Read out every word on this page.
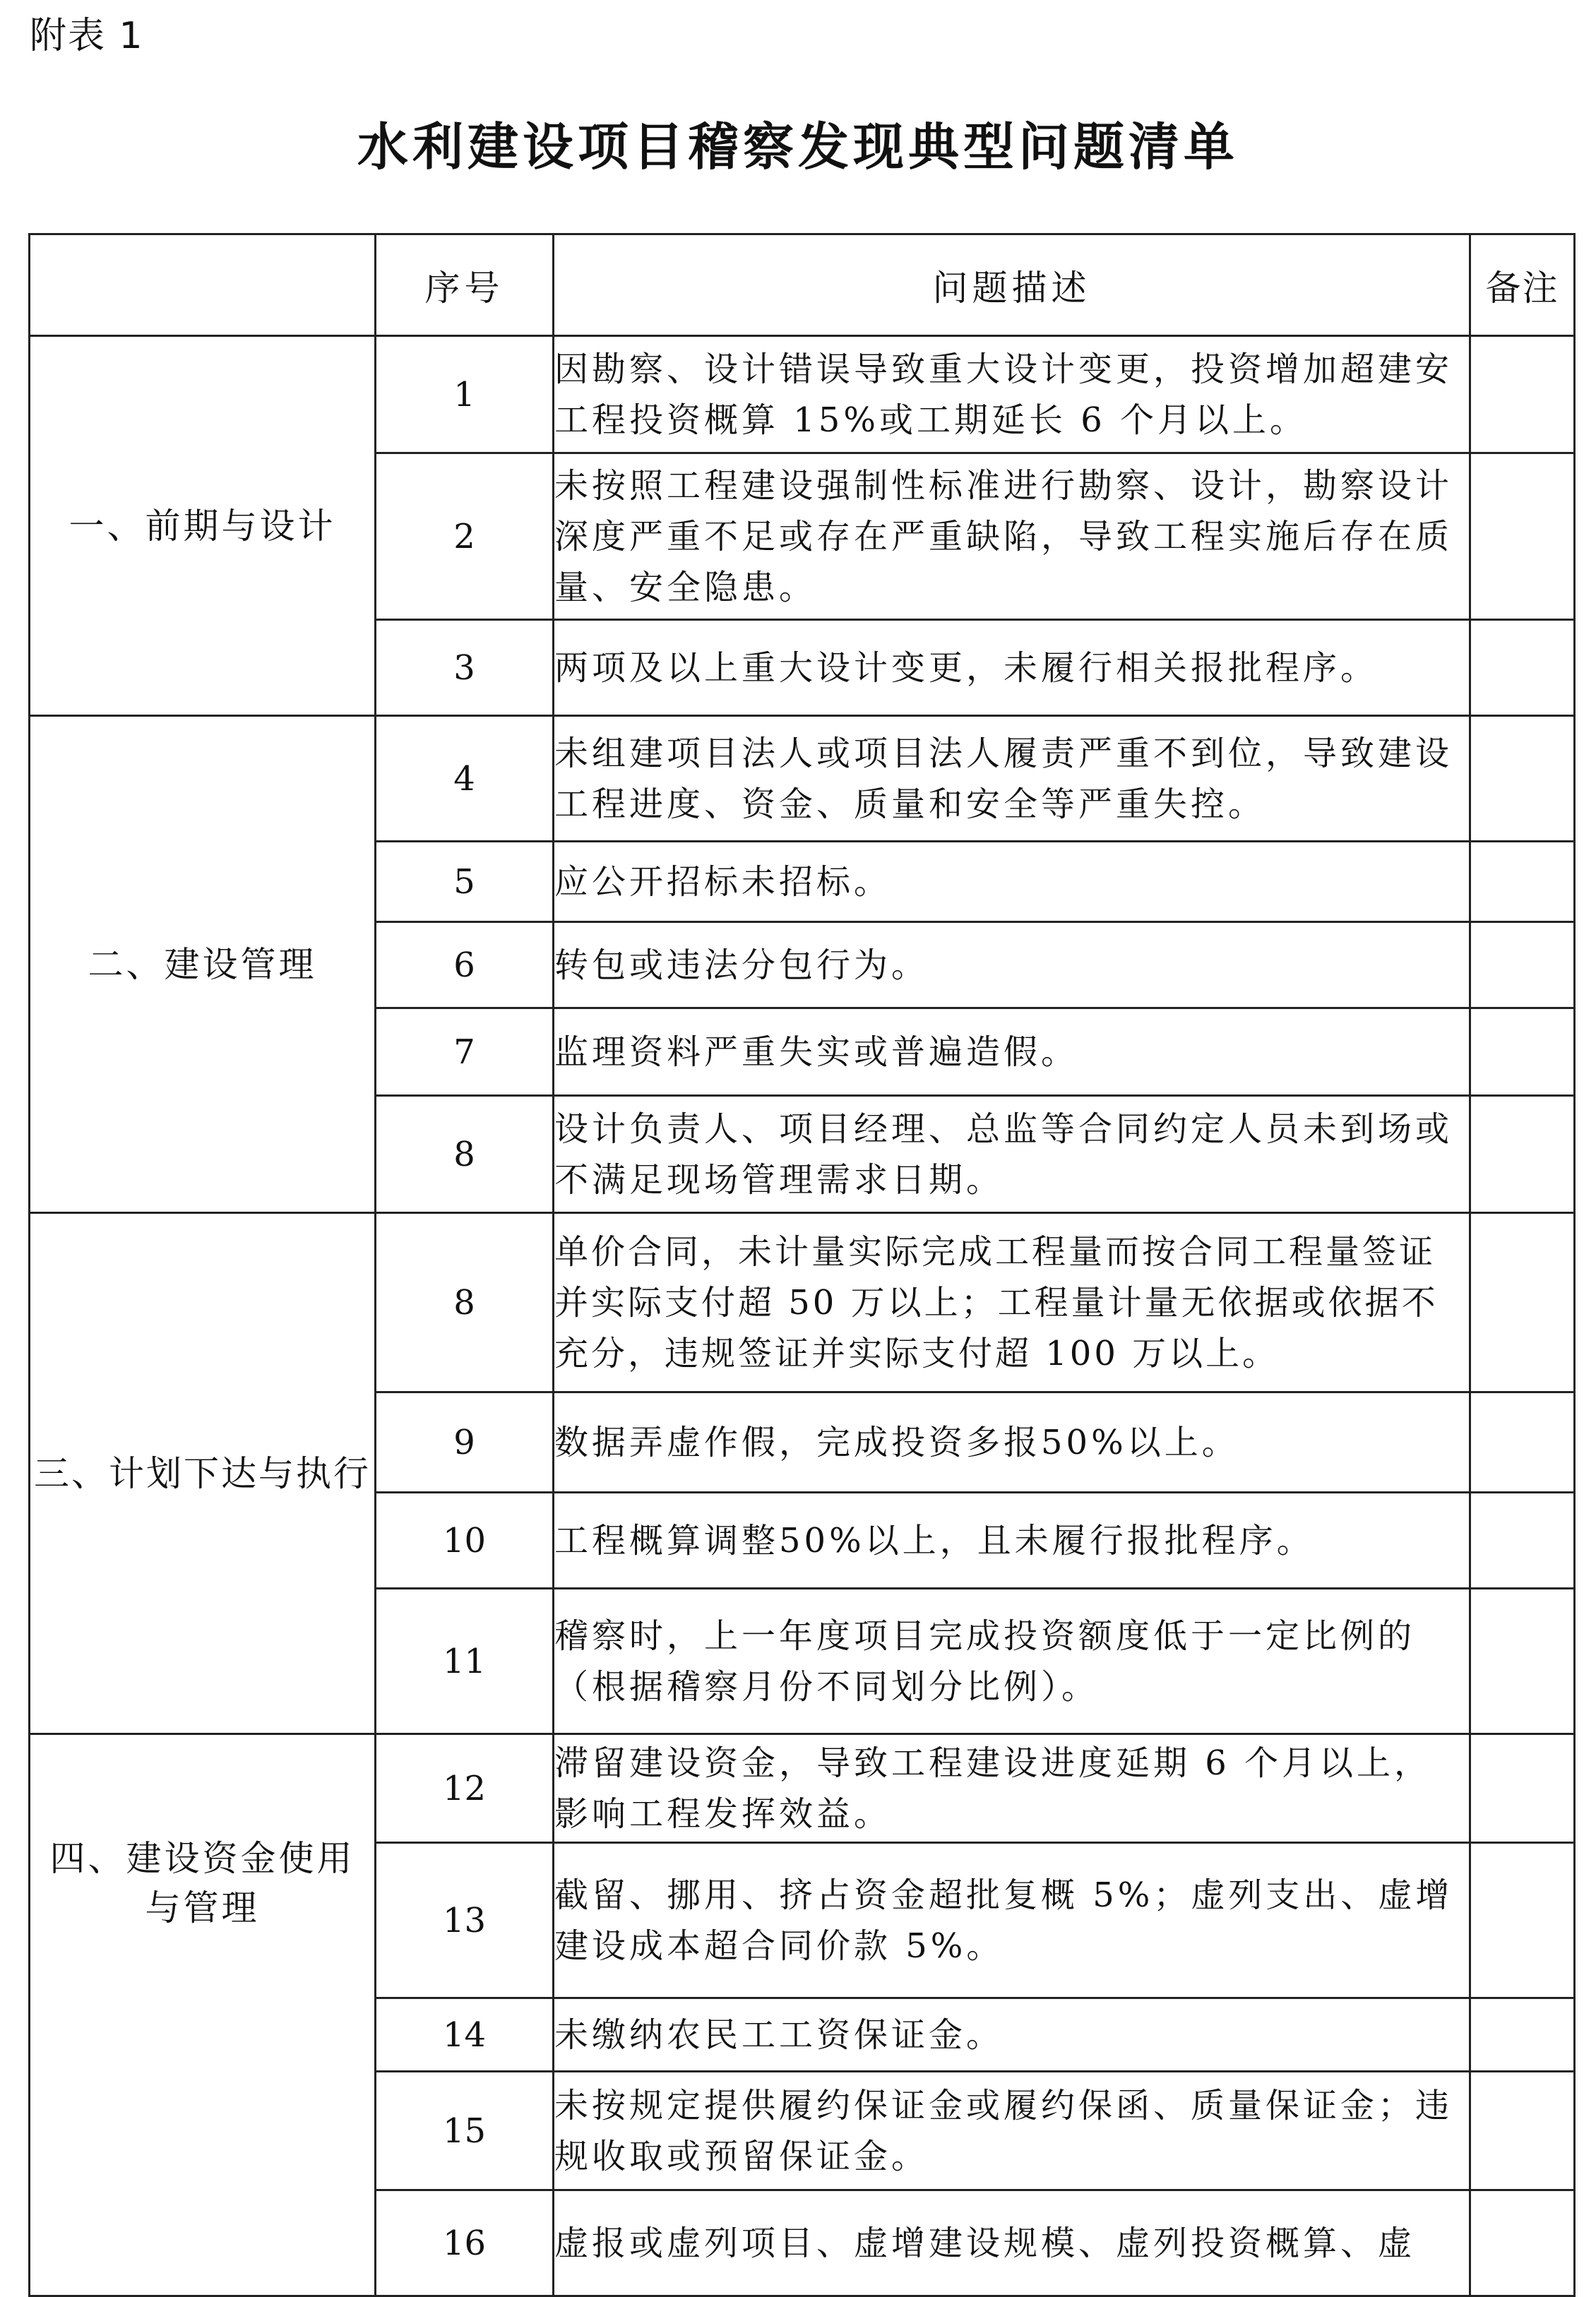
附表 1
水利建设项目稽察发现典型问题清单
	序号	问题描述	备注
一、前期与设计	1	因勘察、设计错误导致重大设计变更，投资增加超建安工程投资概算 15%或工期延长 6 个月以上。	
	2	未按照工程建设强制性标准进行勘察、设计，勘察设计深度严重不足或存在严重缺陷，导致工程实施后存在质量、安全隐患。	
	3	两项及以上重大设计变更，未履行相关报批程序。	
二、建设管理	4	未组建项目法人或项目法人履责严重不到位，导致建设工程进度、资金、质量和安全等严重失控。	
	5	应公开招标未招标。	
	6	转包或违法分包行为。	
	7	监理资料严重失实或普遍造假。	
	8	设计负责人、项目经理、总监等合同约定人员未到场或不满足现场管理需求日期。	
三、计划下达与执行	8	单价合同，未计量实际完成工程量而按合同工程量签证并实际支付超 50 万以上；工程量计量无依据或依据不充分，违规签证并实际支付超 100 万以上。	
	9	数据弄虚作假，完成投资多报50%以上。	
	10	工程概算调整50%以上，且未履行报批程序。	
	11	稽察时，上一年度项目完成投资额度低于一定比例的（根据稽察月份不同划分比例）。	
四、建设资金使用与管理	12	滞留建设资金，导致工程建设进度延期 6 个月以上，影响工程发挥效益。	
	13	截留、挪用、挤占资金超批复概 5%；虚列支出、虚增建设成本超合同价款 5%。	
	14	未缴纳农民工工资保证金。	
	15	未按规定提供履约保证金或履约保函、质量保证金；违规收取或预留保证金。	
	16	虚报或虚列项目、虚增建设规模、虚列投资概算、虚	
